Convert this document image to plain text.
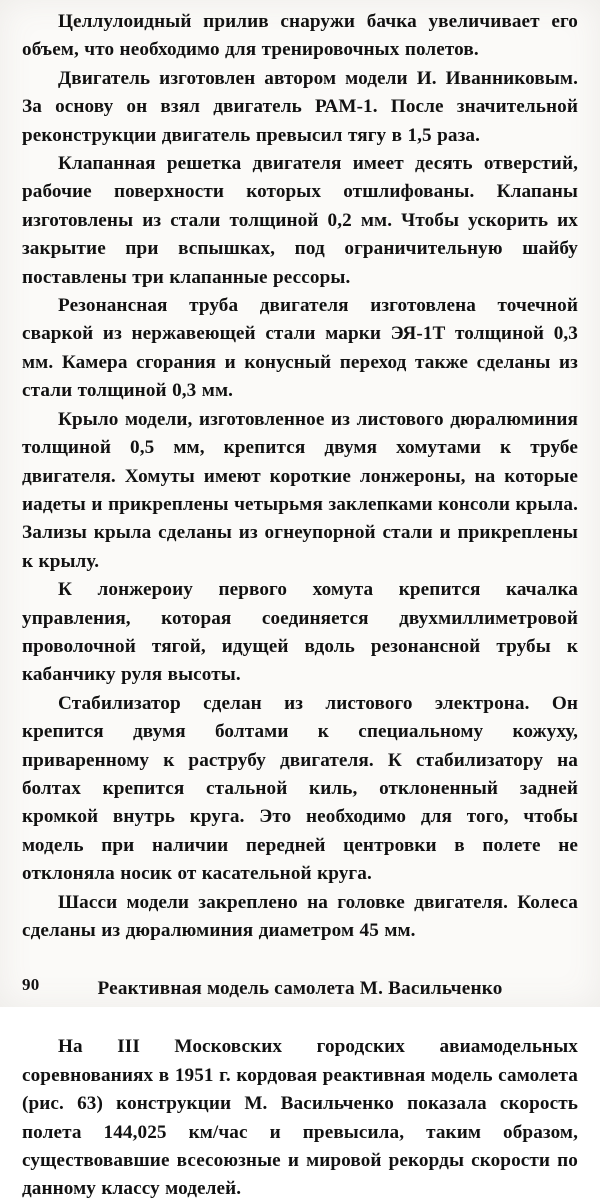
Целлулоидный прилив снаружи бачка увеличивает его объем, что необходимо для тренировочных полетов.

Двигатель изготовлен автором модели И. Иванниковым. За основу он взял двигатель РАМ-1. После значительной реконструкции двигатель превысил тягу в 1,5 раза.

Клапанная решетка двигателя имеет десять отверстий, рабочие поверхности которых отшлифованы. Клапаны изготовлены из стали толщиной 0,2 мм. Чтобы ускорить их закрытие при вспышках, под ограничительную шайбу поставлены три клапанные рессоры.

Резонансная труба двигателя изготовлена точечной сваркой из нержавеющей стали марки ЭЯ-1Т толщиной 0,3 мм. Камера сгорания и конусный переход также сделаны из стали толщиной 0,3 мм.

Крыло модели, изготовленное из листового дюралюминия толщиной 0,5 мм, крепится двумя хомутами к трубе двигателя. Хомуты имеют короткие лонжероны, на которые иадеты и прикреплены четырьмя заклепками консоли крыла. Зализы крыла сделаны из огнеупорной стали и прикреплены к крылу.

К лонжероиу первого хомута крепится качалка управления, которая соединяется двухмиллиметровой проволочной тягой, идущей вдоль резонансной трубы к кабанчику руля высоты.

Стабилизатор сделан из листового электрона. Он крепится двумя болтами к специальному кожуху, приваренному к раструбу двигателя. К стабилизатору на болтах крепится стальной киль, отклоненный задней кромкой внутрь круга. Это необходимо для того, чтобы модель при наличии передней центровки в полете не отклоняла носик от касательной круга.

Шасси модели закреплено на головке двигателя. Колеса сделаны из дюралюминия диаметром 45 мм.

Реактивная модель самолета М. Васильченко

На III Московских городских авиамодельных соревнованиях в 1951 г. кордовая реактивная модель самолета (рис. 63) конструкции М. Васильченко показала скорость полета 144,025 км/час и превысила, таким образом, существовавшие всесоюзные и мировой рекорды скорости по данному классу моделей.

90
